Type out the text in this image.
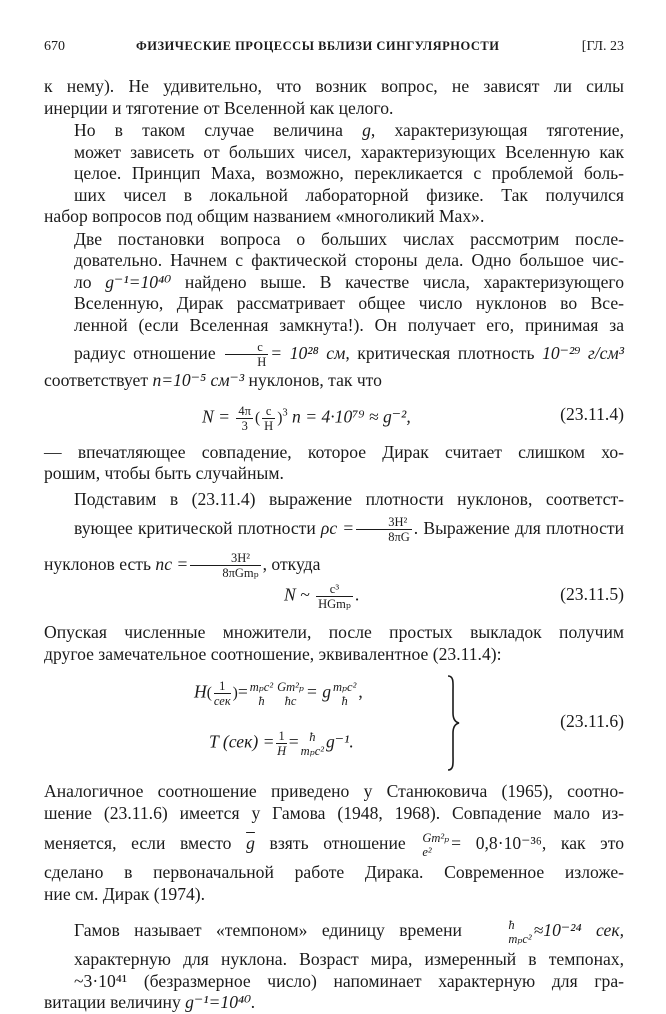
670	ФИЗИЧЕСКИЕ ПРОЦЕССЫ ВБЛИЗИ СИНГУЛЯРНОСТИ	[ГЛ. 23

к нему). Не удивительно, что возник вопрос, не зависят ли силы
инерции и тяготение от Вселенной как целого.

Но в таком случае величина g, характеризующая тяготение,
может зависеть от больших чисел, характеризующих Вселенную как
целое. Принцип Маха, возможно, перекликается с проблемой боль-
ших чисел в локальной лабораторной физике. Так получился
набор вопросов под общим названием «многоликий Мах».

Две постановки вопроса о больших числах рассмотрим после-
довательно. Начнем с фактической стороны дела. Одно большое чис-
ло g⁻¹=10⁴⁰ найдено выше. В качестве числа, характеризующего
Вселенную, Дирак рассматривает общее число нуклонов во Все-
ленной (если Вселенная замкнута!). Он получает его, принимая за
радиус отношение $\frac{c}{H} = 10^{28}$ см, критическая плотность 10⁻²⁹ г/см³
соответствует n=10⁻⁵ см⁻³ нуклонов, так что

$N = \frac{4\pi}{3}$ ( $\frac{c}{H} )^3$ n = 4·10⁷⁹ ≈ g⁻²,	(23.11.4)

— впечатляющее совпадение, которое Дирак считает слишком хо-
рошим, чтобы быть случайным.

Подставим в (23.11.4) выражение плотности нуклонов, соответст-
вующее критической плотности $\rho c = \frac{\text{3H²}}{8\pi G}$ . Выражение для плотности
нуклонов есть nc = $\frac{\text{3H²}}{\text{8πGmₚ}}$ , откуда

N ~ $\frac{\text{c³}}{\text{HGmₚ}}$ .	(23.11.5)

Опуская численные множители, после простых выкладок получим
другое замечательное соотношение, эквивалентное (23.11.4):

$H( \frac{1}{\text{сек}}$ )= mₚc²
ħ
Gm²ₚ
ħc = g mₚc²
ħ ,
T $(сек) = \frac{1}{H}$ = ħ
mₚc² g⁻¹.
(23.11.6)

Аналогичное соотношение приведено у Станюковича (1965), соотно-
шение (23.11.6) имеется у Гамова (1948, 1968). Совпадение мало из-
меняется, если вместо $\overline{g}$ взять отношение Gm²ₚ
e²	= 0,8·10⁻³⁶, как это
сделано в первоначальной работе Дирака. Современное изложе-
ние см. Дирак (1974).

Гамов называет «темпоном» единицу времени	ħ
mₚc² ≈10⁻²⁴ сек,
характерную для нуклона. Возраст мира, измеренный в темпонах,
~3·10⁴¹ (безразмерное число) напоминает характерную для гра-
витации величину g⁻¹=10⁴⁰.
